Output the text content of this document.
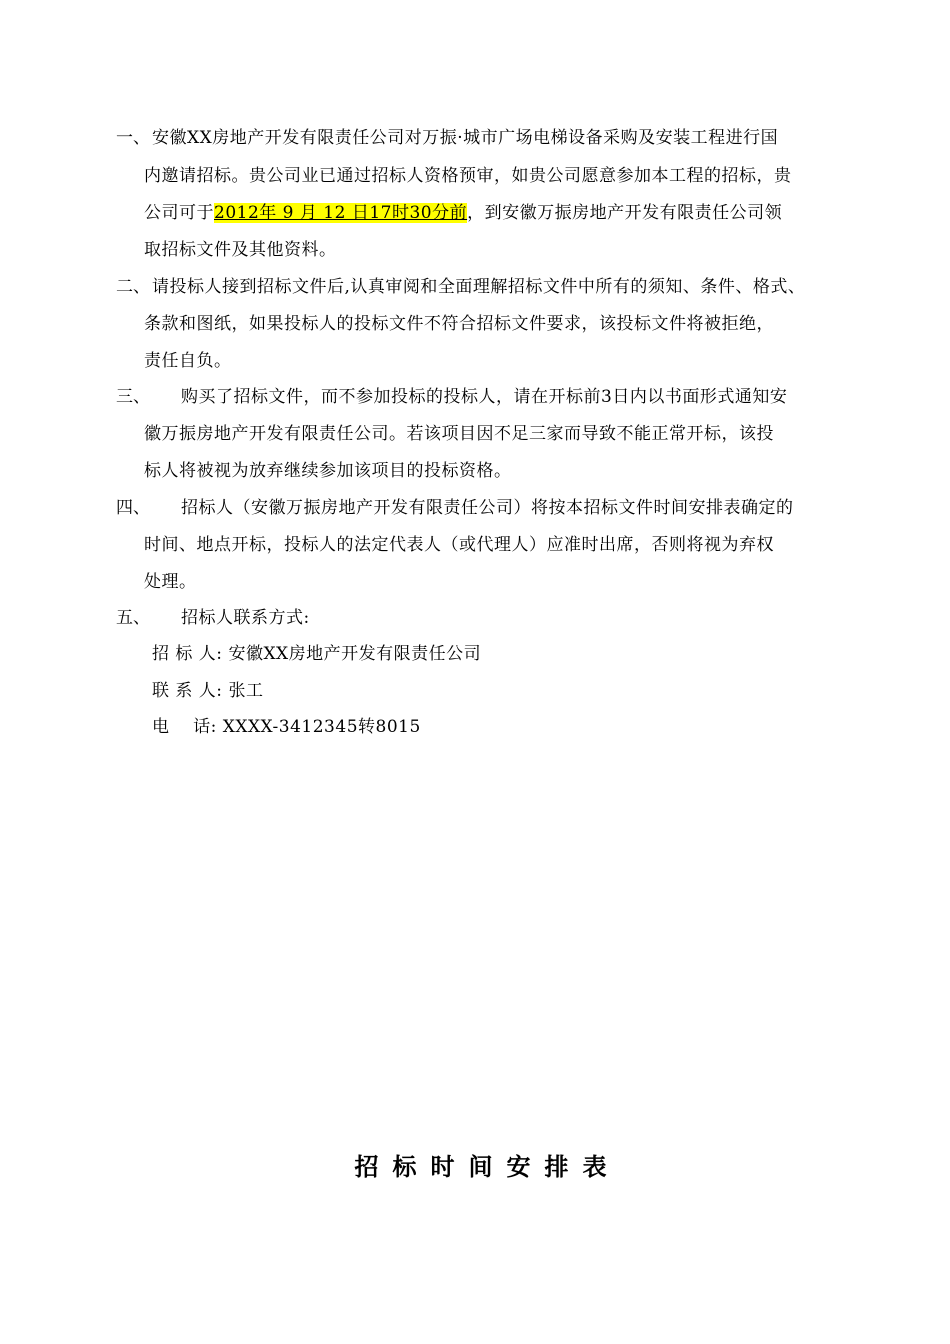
一、 安徽XX房地产开发有限责任公司对万振·城市广场电梯设备采购及安装工程进行国
内邀请招标。贵公司业已通过招标人资格预审，如贵公司愿意参加本工程的招标，贵
公司可于2012年 9 月 12 日17时30分前，到安徽万振房地产开发有限责任公司领
取招标文件及其他资料。
二、 请投标人接到招标文件后,认真审阅和全面理解招标文件中所有的须知、条件、格式、
条款和图纸，如果投标人的投标文件不符合招标文件要求，该投标文件将被拒绝，
责任自负。
三、 购买了招标文件，而不参加投标的投标人，请在开标前3日内以书面形式通知安
徽万振房地产开发有限责任公司。若该项目因不足三家而导致不能正常开标，该投
标人将被视为放弃继续参加该项目的投标资格。
四、 招标人（安徽万振房地产开发有限责任公司）将按本招标文件时间安排表确定的
时间、地点开标，投标人的法定代表人（或代理人）应准时出席，否则将视为弃权
处理。
五、 招标人联系方式:
招 标 人: 安徽XX房地产开发有限责任公司
联 系 人: 张工
电    话: XXXX-3412345转8015
招标时间安排表
